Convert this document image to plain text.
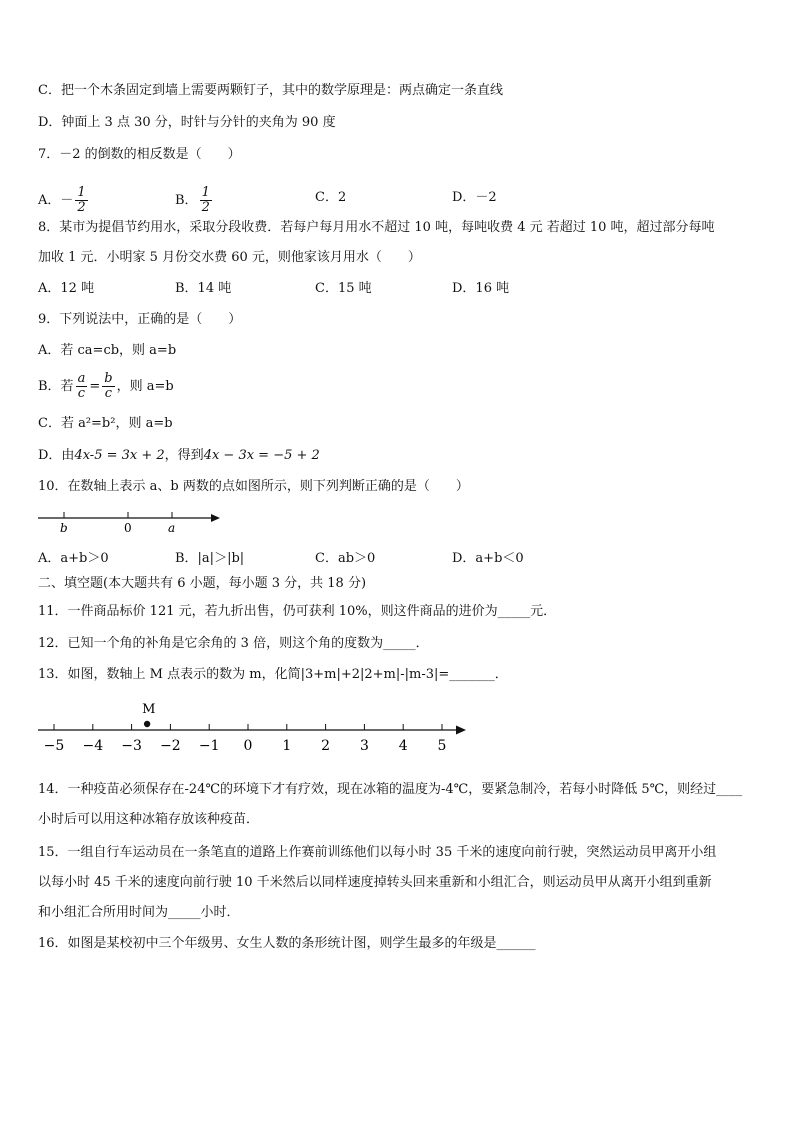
C．把一个木条固定到墙上需要两颗钉子，其中的数学原理是：两点确定一条直线
D．钟面上 3 点 30 分，时针与分针的夹角为 90 度
7．－2 的倒数的相反数是（　　）
A．－ $\frac{1}{2}$	B． $\frac{1}{2}$	C．2	D．－2
8．某市为提倡节约用水，采取分段收费．若每户每月用水不超过 10 吨，每吨收费 4 元 若超过 10 吨，超过部分每吨
加收 1 元．小明家 5 月份交水费 60 元，则他家该月用水（　　）
A．12 吨	B．14 吨	C．15 吨	D．16 吨
9．下列说法中，正确的是（　　）
A．若 ca=cb，则 a=b
B．若 $\frac{a}{c} = \frac{b}{c}$ ，则 a=b
C．若 a²=b²，则 a=b
D．由4x-5 = 3x + 2，得到4x − 3x = −5 + 2
10．在数轴上表示 a、b 两数的点如图所示，则下列判断正确的是（　　）
b	0	a
A．a+b＞0	B．|a|＞|b|	C．ab＞0	D．a+b＜0
二、填空题(本大题共有 6 小题，每小题 3 分，共 18 分)
11．一件商品标价 121 元，若九折出售，仍可获利 10%，则这件商品的进价为_____元．
12．已知一个角的补角是它余角的 3 倍，则这个角的度数为_____．
13．如图，数轴上 M 点表示的数为 m，化简|3+m|+2|2+m|-|m-3|=_______．
−5 −4 −3 −2 −1 0 1 2 3 4 5
M
14．一种疫苗必须保存在-24℃的环境下才有疗效，现在冰箱的温度为-4℃，要紧急制冷，若每小时降低 5℃，则经过____
小时后可以用这种冰箱存放该种疫苗．
15．一组自行车运动员在一条笔直的道路上作赛前训练他们以每小时 35 千米的速度向前行驶，突然运动员甲离开小组
以每小时 45 千米的速度向前行驶 10 千米然后以同样速度掉转头回来重新和小组汇合，则运动员甲从离开小组到重新
和小组汇合所用时间为_____小时．
16．如图是某校初中三个年级男、女生人数的条形统计图，则学生最多的年级是______
